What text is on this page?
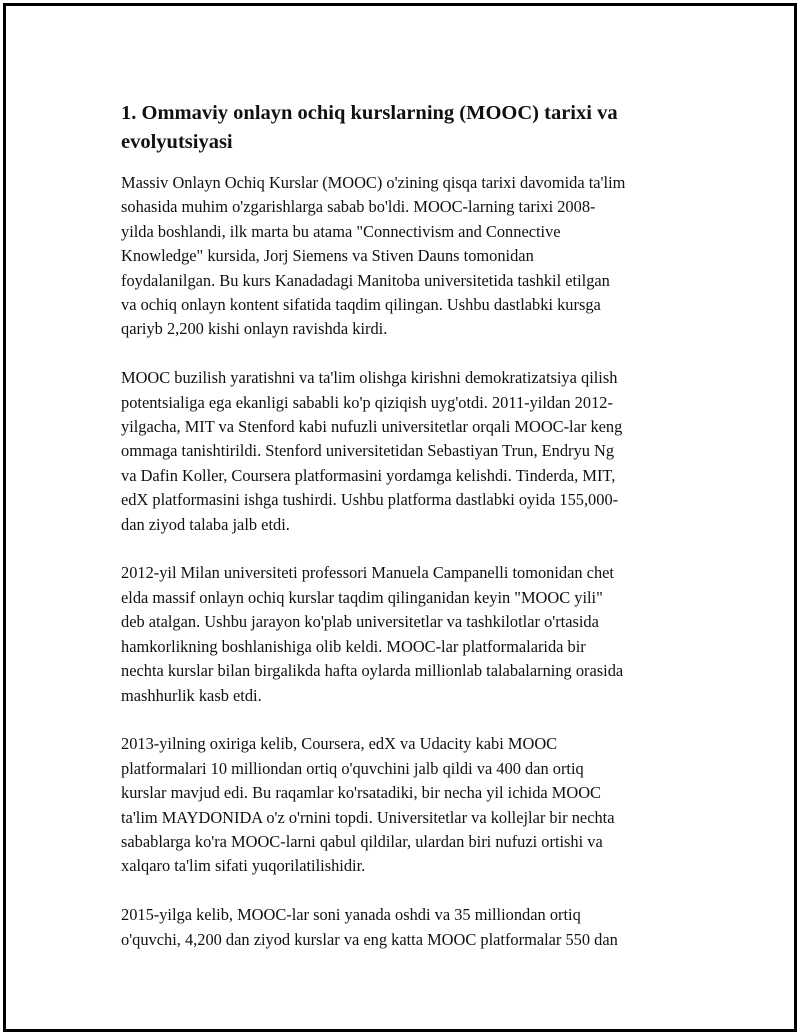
1. Ommaviy onlayn ochiq kurslarning (MOOC) tarixi va
evolyutsiyasi

Massiv Onlayn Ochiq Kurslar (MOOC) o'zining qisqa tarixi davomida ta'lim
sohasida muhim o'zgarishlarga sabab bo'ldi. MOOC-larning tarixi 2008-
yilda boshlandi, ilk marta bu atama "Connectivism and Connective
Knowledge" kursida, Jorj Siemens va Stiven Dauns tomonidan
foydalanilgan. Bu kurs Kanadadagi Manitoba universitetida tashkil etilgan
va ochiq onlayn kontent sifatida taqdim qilingan. Ushbu dastlabki kursga
qariyb 2,200 kishi onlayn ravishda kirdi.

MOOC buzilish yaratishni va ta'lim olishga kirishni demokratizatsiya qilish
potentsialiga ega ekanligi sababli ko'p qiziqish uyg'otdi. 2011-yildan 2012-
yilgacha, MIT va Stenford kabi nufuzli universitetlar orqali MOOC-lar keng
ommaga tanishtirildi. Stenford universitetidan Sebastiyan Trun, Endryu Ng
va Dafin Koller, Coursera platformasini yordamga kelishdi. Tinderda, MIT,
edX platformasini ishga tushirdi. Ushbu platforma dastlabki oyida 155,000-
dan ziyod talaba jalb etdi.

2012-yil Milan universiteti professori Manuela Campanelli tomonidan chet
elda massif onlayn ochiq kurslar taqdim qilinganidan keyin "MOOC yili"
deb atalgan. Ushbu jarayon ko'plab universitetlar va tashkilotlar o'rtasida
hamkorlikning boshlanishiga olib keldi. MOOC-lar platformalarida bir
nechta kurslar bilan birgalikda hafta oylarda millionlab talabalarning orasida
mashhurlik kasb etdi.

2013-yilning oxiriga kelib, Coursera, edX va Udacity kabi MOOC
platformalari 10 milliondan ortiq o'quvchini jalb qildi va 400 dan ortiq
kurslar mavjud edi. Bu raqamlar ko'rsatadiki, bir necha yil ichida MOOC
ta'lim MAYDONIDA o'z o'rnini topdi. Universitetlar va kollejlar bir nechta
sabablarga ko'ra MOOC-larni qabul qildilar, ulardan biri nufuzi ortishi va
xalqaro ta'lim sifati yuqorilatilishidir.

2015-yilga kelib, MOOC-lar soni yanada oshdi va 35 milliondan ortiq
o'quvchi, 4,200 dan ziyod kurslar va eng katta MOOC platformalar 550 dan
